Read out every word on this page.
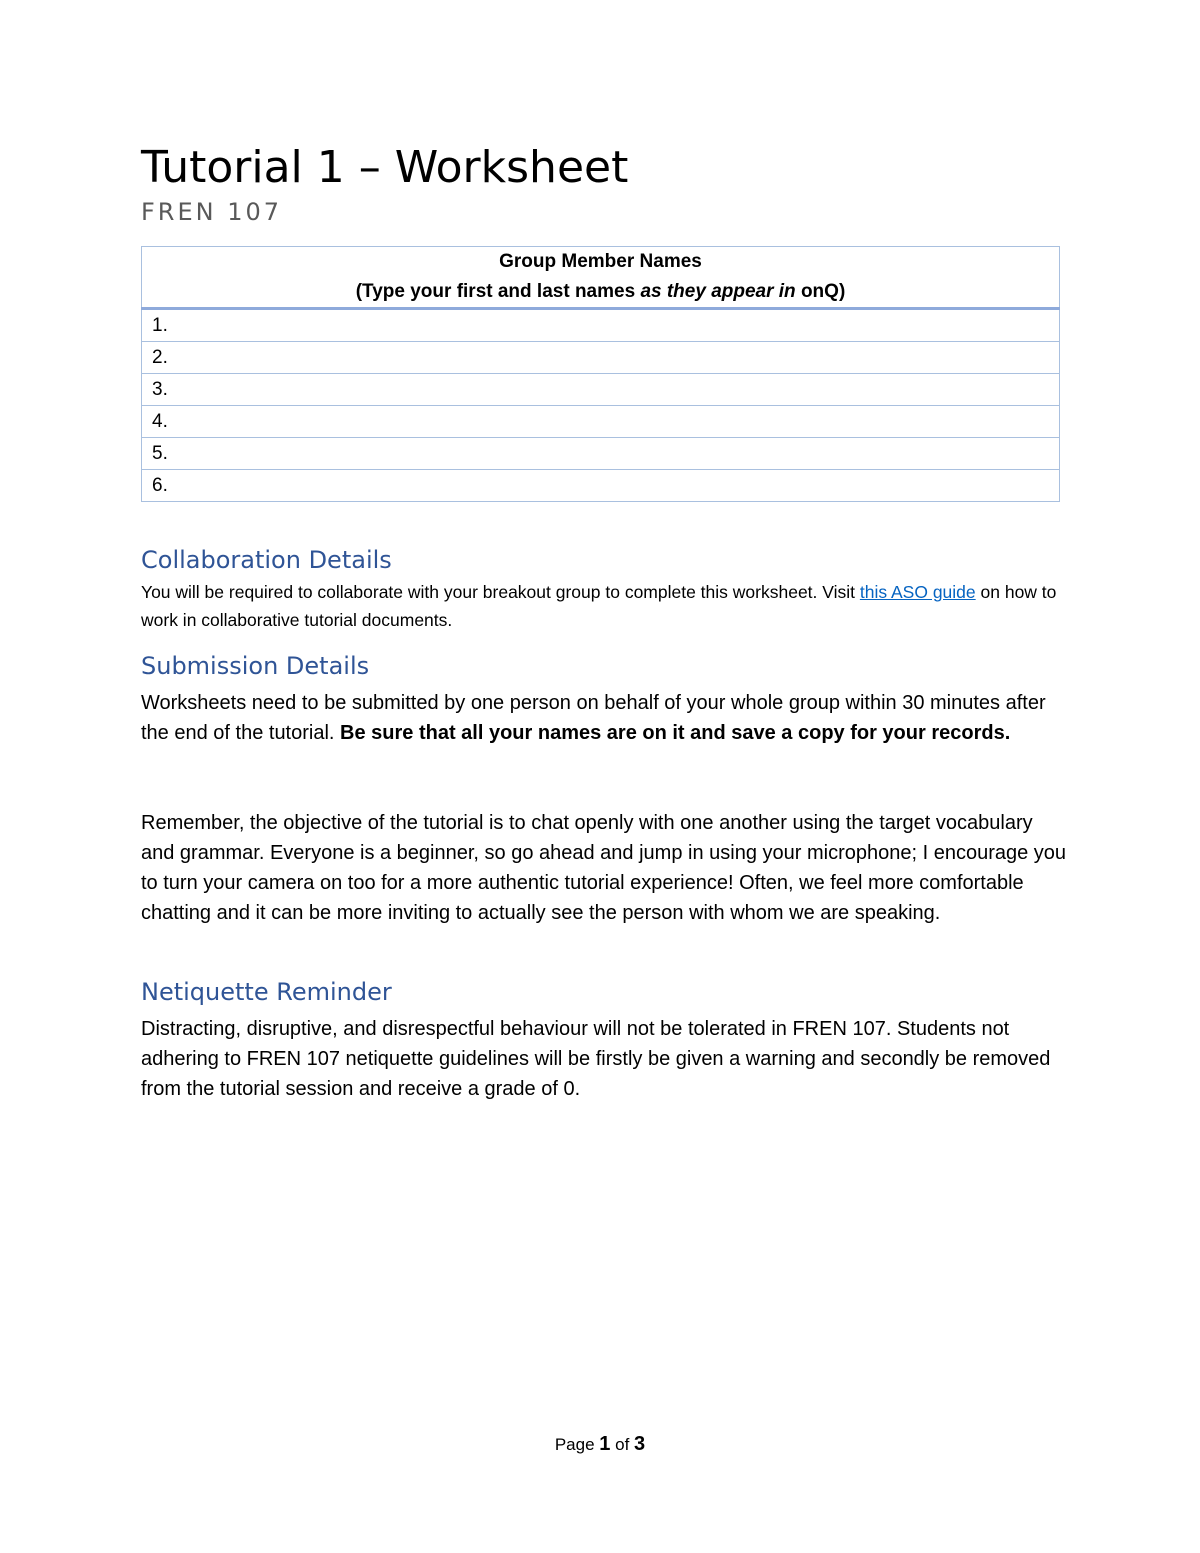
Tutorial 1 – Worksheet
FREN 107
Group Member Names
(Type your first and last names as they appear in onQ)
1.
2.
3.
4.
5.
6.
Collaboration Details
You will be required to collaborate with your breakout group to complete this worksheet. Visit this ASO guide on how to work in collaborative tutorial documents.
Submission Details
Worksheets need to be submitted by one person on behalf of your whole group within 30 minutes after the end of the tutorial. Be sure that all your names are on it and save a copy for your records.
Remember, the objective of the tutorial is to chat openly with one another using the target vocabulary and grammar. Everyone is a beginner, so go ahead and jump in using your microphone; I encourage you to turn your camera on too for a more authentic tutorial experience! Often, we feel more comfortable chatting and it can be more inviting to actually see the person with whom we are speaking.
Netiquette Reminder
Distracting, disruptive, and disrespectful behaviour will not be tolerated in FREN 107. Students not adhering to FREN 107 netiquette guidelines will be firstly be given a warning and secondly be removed from the tutorial session and receive a grade of 0.
Page 1 of 3
